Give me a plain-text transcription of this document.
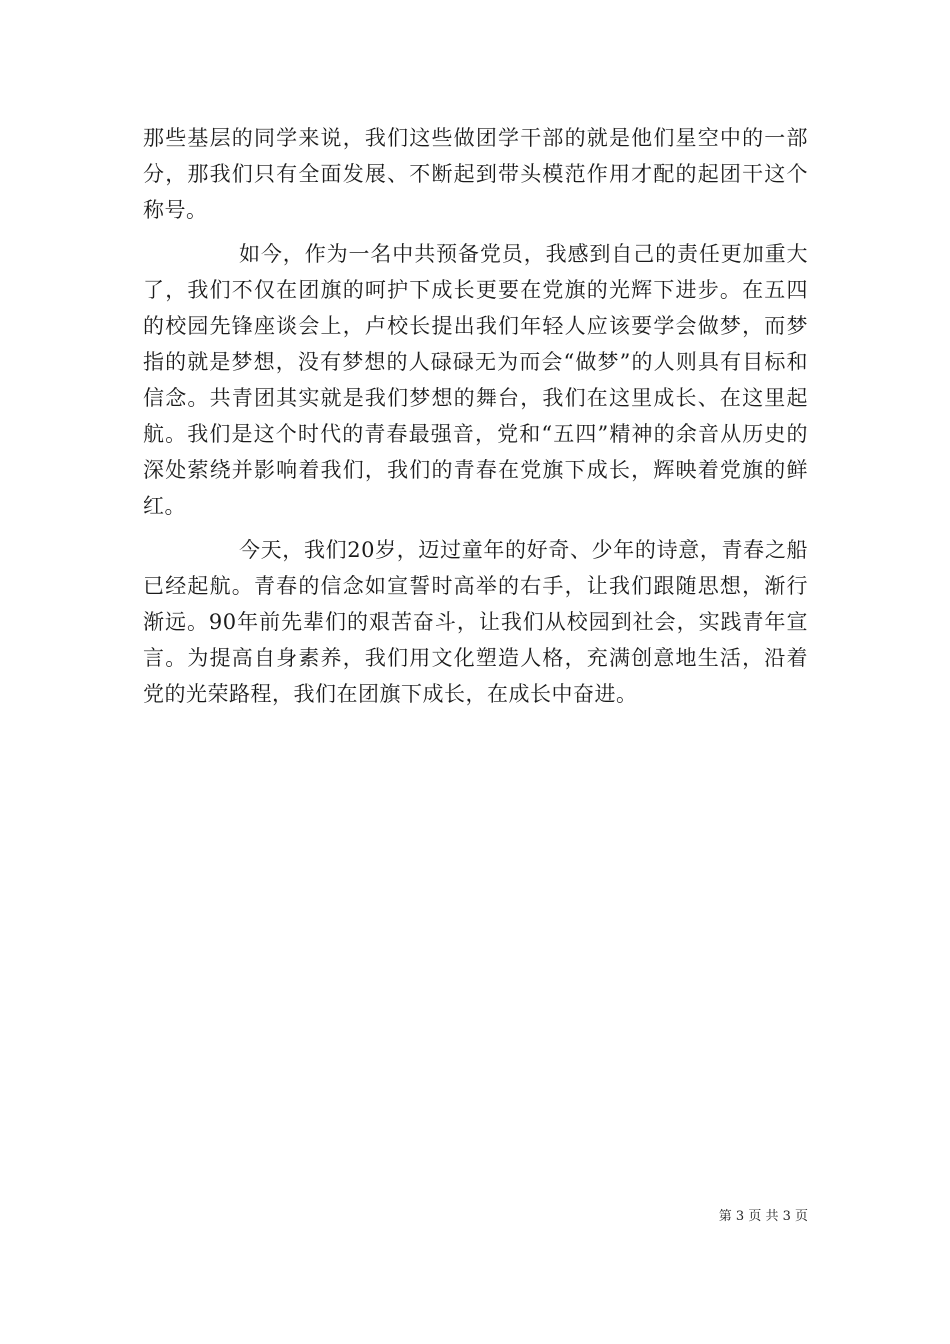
那些基层的同学来说，我们这些做团学干部的就是他们星空中的一部分，那我们只有全面发展、不断起到带头模范作用才配的起团干这个称号。

如今，作为一名中共预备党员，我感到自己的责任更加重大了，我们不仅在团旗的呵护下成长更要在党旗的光辉下进步。在五四的校园先锋座谈会上，卢校长提出我们年轻人应该要学会做梦，而梦指的就是梦想，没有梦想的人碌碌无为而会“做梦”的人则具有目标和信念。共青团其实就是我们梦想的舞台，我们在这里成长、在这里起航。我们是这个时代的青春最强音，党和“五四”精神的余音从历史的深处萦绕并影响着我们，我们的青春在党旗下成长，辉映着党旗的鲜红。

今天，我们20岁，迈过童年的好奇、少年的诗意，青春之船已经起航。青春的信念如宣誓时高举的右手，让我们跟随思想，渐行渐远。90年前先辈们的艰苦奋斗，让我们从校园到社会，实践青年宣言。为提高自身素养，我们用文化塑造人格，充满创意地生活，沿着党的光荣路程，我们在团旗下成长，在成长中奋进。

第 3 页 共 3 页
